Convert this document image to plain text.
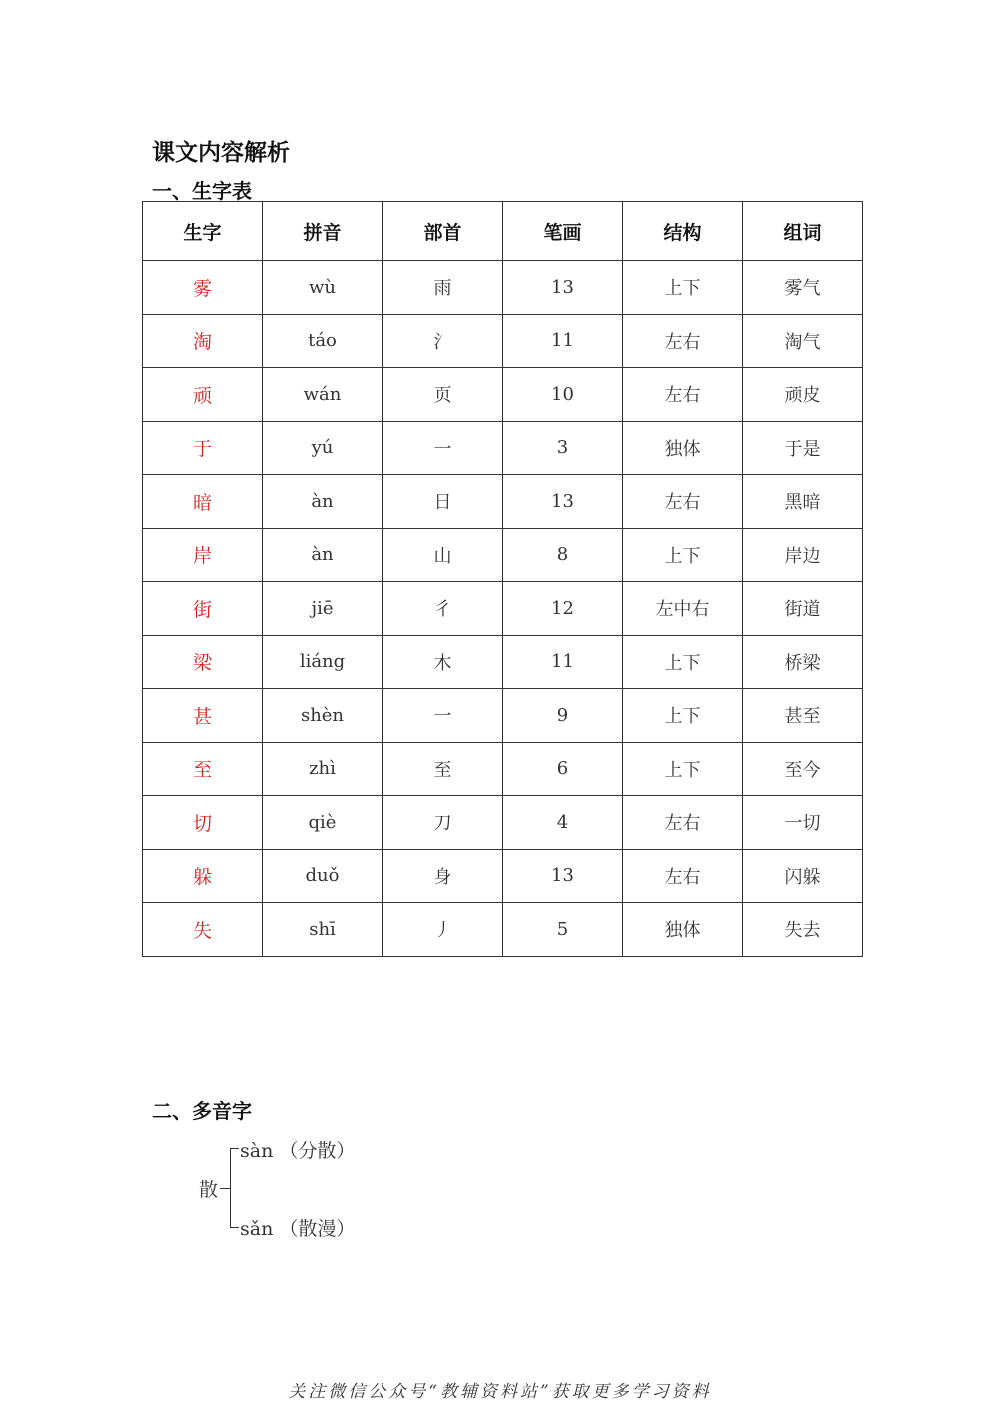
课文内容解析
一、生字表
生字	拼音	部首	笔画	结构	组词
雾	wù	雨	13	上下	雾气
淘	táo	氵	11	左右	淘气
顽	wán	页	10	左右	顽皮
于	yú	一	3	独体	于是
暗	àn	日	13	左右	黑暗
岸	àn	山	8	上下	岸边
街	jiē	彳	12	左中右	街道
梁	liáng	木	11	上下	桥梁
甚	shèn	一	9	上下	甚至
至	zhì	至	6	上下	至今
切	qiè	刀	4	左右	一切
躲	duǒ	身	13	左右	闪躲
失	shī	丿	5	独体	失去
二、多音字
散
sàn （分散）
sǎn （散漫）
关注微信公众号“教辅资料站”获取更多学习资料
